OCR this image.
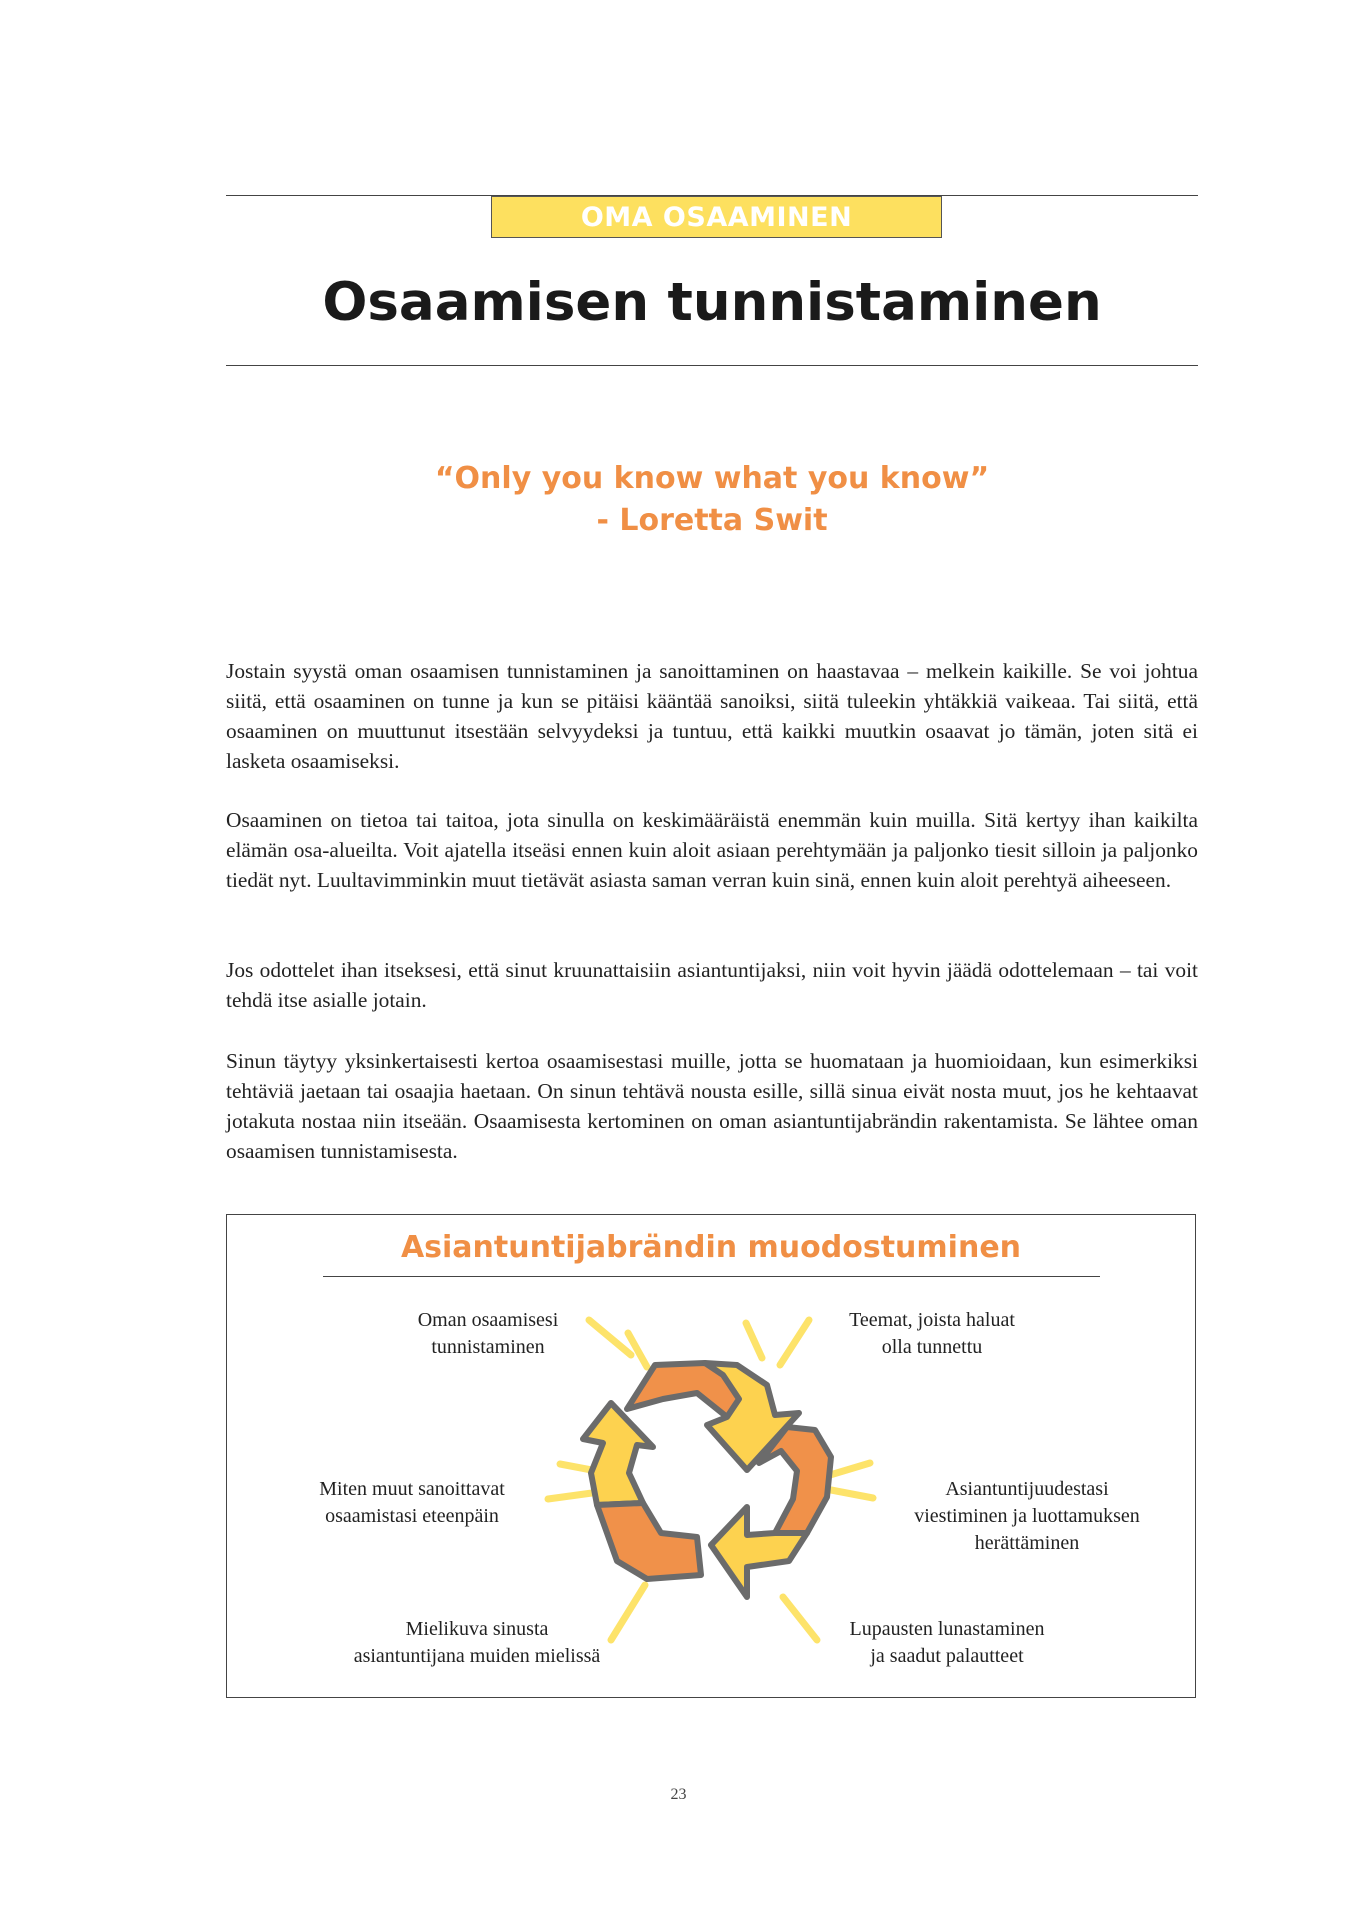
OMA OSAAMINEN
Osaamisen tunnistaminen
“Only you know what you know”
- Loretta Swit

Jostain syystä oman osaamisen tunnistaminen ja sanoittaminen on haastavaa – melkein kaikille. Se voi johtua siitä, että osaaminen on tunne ja kun se pitäisi kääntää sanoiksi, siitä tuleekin yhtäkkiä vaikeaa. Tai siitä, että osaaminen on muuttunut itsestään selvyydeksi ja tuntuu, että kaikki muutkin osaavat jo tämän, joten sitä ei lasketa osaamiseksi.

Osaaminen on tietoa tai taitoa, jota sinulla on keskimääräistä enemmän kuin muilla. Sitä kertyy ihan kaikilta elämän osa-alueilta. Voit ajatella itseäsi ennen kuin aloit asiaan perehtymään ja paljonko tiesit silloin ja paljonko tiedät nyt. Luultavimminkin muut tietävät asiasta saman verran kuin sinä, ennen kuin aloit perehtyä aiheeseen.

Jos odottelet ihan itseksesi, että sinut kruunattaisiin asiantuntijaksi, niin voit hyvin jäädä odottelemaan – tai voit tehdä itse asialle jotain.

Sinun täytyy yksinkertaisesti kertoa osaamisestasi muille, jotta se huomataan ja huomioidaan, kun esimerkiksi tehtäviä jaetaan tai osaajia haetaan. On sinun tehtävä nousta esille, sillä sinua eivät nosta muut, jos he kehtaavat jotakuta nostaa niin itseään. Osaamisesta kertominen on oman asiantuntijabrändin rakentamista. Se lähtee oman osaamisen tunnistamisesta.

Asiantuntijabrändin muodostuminen
Oman osaamisesi
tunnistaminen
Teemat, joista haluat
olla tunnettu
Miten muut sanoittavat
osaamistasi eteenpäin
Asiantuntijuudestasi
viestiminen ja luottamuksen
herättäminen
Mielikuva sinusta
asiantuntijana muiden mielissä
Lupausten lunastaminen
ja saadut palautteet
23
